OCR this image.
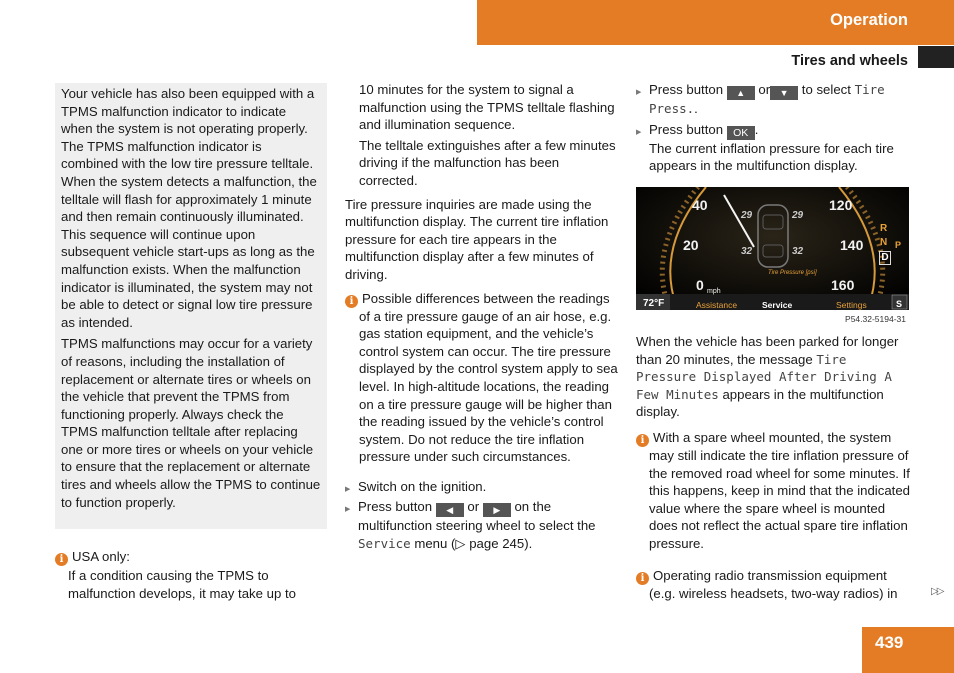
Operation
Tires and wheels

Your vehicle has also been equipped with a TPMS malfunction indicator to indicate when the system is not operating properly. The TPMS malfunction indicator is combined with the low tire pressure telltale. When the system detects a malfunction, the telltale will flash for approximately 1 minute and then remain continuously illuminated. This sequence will continue upon subsequent vehicle start-ups as long as the malfunction exists. When the malfunction indicator is illuminated, the system may not be able to detect or signal low tire pressure as intended.

TPMS malfunctions may occur for a variety of reasons, including the installation of replacement or alternate tires or wheels on the vehicle that prevent the TPMS from functioning properly. Always check the TPMS malfunction telltale after replacing one or more tires or wheels on your vehicle to ensure that the replacement or alternate tires and wheels allow the TPMS to continue to function properly.

i USA only:

If a condition causing the TPMS to malfunction develops, it may take up to

10 minutes for the system to signal a malfunction using the TPMS telltale flashing and illumination sequence.

The telltale extinguishes after a few minutes driving if the malfunction has been corrected.

Tire pressure inquiries are made using the multifunction display. The current tire inflation pressure for each tire appears in the multifunction display after a few minutes of driving.

i Possible differences between the readings of a tire pressure gauge of an air hose, e.g. gas station equipment, and the vehicle’s control system can occur. The tire pressure displayed by the control system apply to sea level. In high-altitude locations, the reading on a tire pressure gauge will be higher than the reading issued by the vehicle’s control system. Do not reduce the tire inflation pressure under such circumstances.

▶ Switch on the ignition.

▶ Press button ◀ or ▶ on the multifunction steering wheel to select the Service menu (▷ page 245).

▶ Press button ▲ or ▼ to select Tire Press..

▶ Press button OK .

The current inflation pressure for each tire appears in the multifunction display.

40
20
0 mph
120
140
160
R
N P
D
29	29
32	32
Tire Pressure [psi]
72°F	Assistance	Service	Settings	S
P54.32-5194-31

When the vehicle has been parked for longer than 20 minutes, the message Tire Pressure Displayed After Driving A Few Minutes appears in the multifunction display.

i With a spare wheel mounted, the system may still indicate the tire inflation pressure of the removed road wheel for some minutes. If this happens, keep in mind that the indicated value where the spare wheel is mounted does not reflect the actual spare tire inflation pressure.

i Operating radio transmission equipment (e.g. wireless headsets, two-way radios) in	▷▷
439
